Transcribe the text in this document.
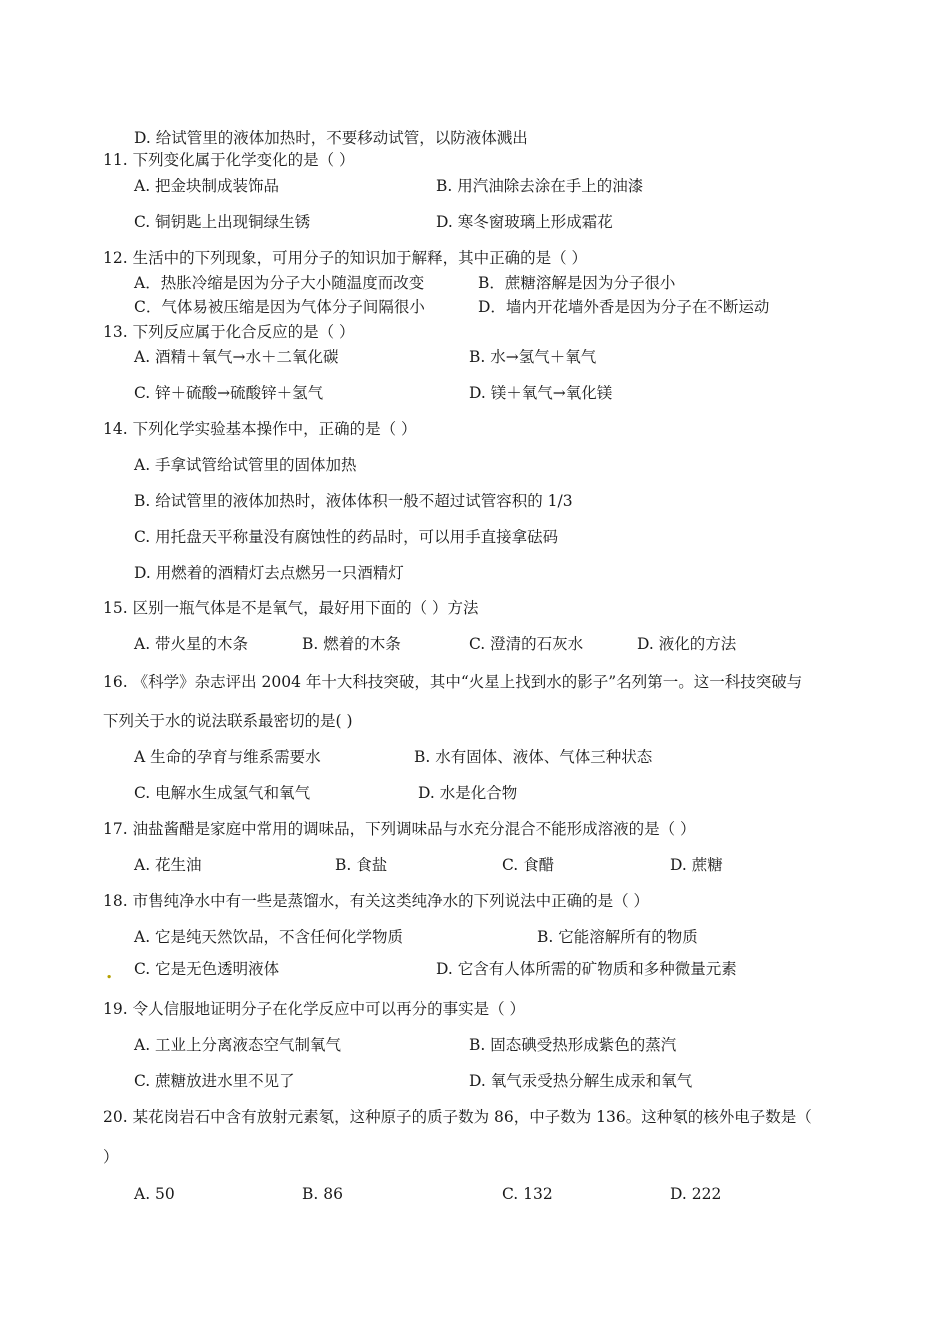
D. 给试管里的液体加热时，不要移动试管，以防液体溅出
11. 下列变化属于化学变化的是（ ）
A. 把金块制成装饰品	B. 用汽油除去涂在手上的油漆
C. 铜钥匙上出现铜绿生锈	D. 寒冬窗玻璃上形成霜花
12. 生活中的下列现象，可用分子的知识加于解释，其中正确的是（ ）
A．热胀冷缩是因为分子大小随温度而改变	B．蔗糖溶解是因为分子很小
C．气体易被压缩是因为气体分子间隔很小	D．墙内开花墙外香是因为分子在不断运动
13. 下列反应属于化合反应的是（ ）
A. 酒精＋氧气→水＋二氧化碳	B. 水→氢气＋氧气
C. 锌＋硫酸→硫酸锌＋氢气	D. 镁＋氧气→氧化镁
14. 下列化学实验基本操作中，正确的是（ ）
A. 手拿试管给试管里的固体加热
B. 给试管里的液体加热时，液体体积一般不超过试管容积的 1/3
C. 用托盘天平称量没有腐蚀性的药品时，可以用手直接拿砝码
D. 用燃着的酒精灯去点燃另一只酒精灯
15. 区别一瓶气体是不是氧气，最好用下面的（ ）方法
A. 带火星的木条	B. 燃着的木条	C. 澄清的石灰水	D. 液化的方法
16. 《科学》杂志评出 2004 年十大科技突破，其中“火星上找到水的影子”名列第一。这一科技突破与
下列关于水的说法联系最密切的是( )
A 生命的孕育与维系需要水	B. 水有固体、液体、气体三种状态
C. 电解水生成氢气和氧气	D. 水是化合物
17. 油盐酱醋是家庭中常用的调味品，下列调味品与水充分混合不能形成溶液的是（ ）
A. 花生油	B. 食盐	C. 食醋	D. 蔗糖
18. 市售纯净水中有一些是蒸馏水，有关这类纯净水的下列说法中正确的是（ ）
A. 它是纯天然饮品，不含任何化学物质	B. 它能溶解所有的物质
. C. 它是无色透明液体	D. 它含有人体所需的矿物质和多种微量元素
19. 令人信服地证明分子在化学反应中可以再分的事实是（ ）
A. 工业上分离液态空气制氧气	B. 固态碘受热形成紫色的蒸汽
C. 蔗糖放进水里不见了	D. 氧气汞受热分解生成汞和氧气
20. 某花岗岩石中含有放射元素氡，这种原子的质子数为 86，中子数为 136。这种氡的核外电子数是（
）
A. 50	B. 86	C. 132	D. 222
